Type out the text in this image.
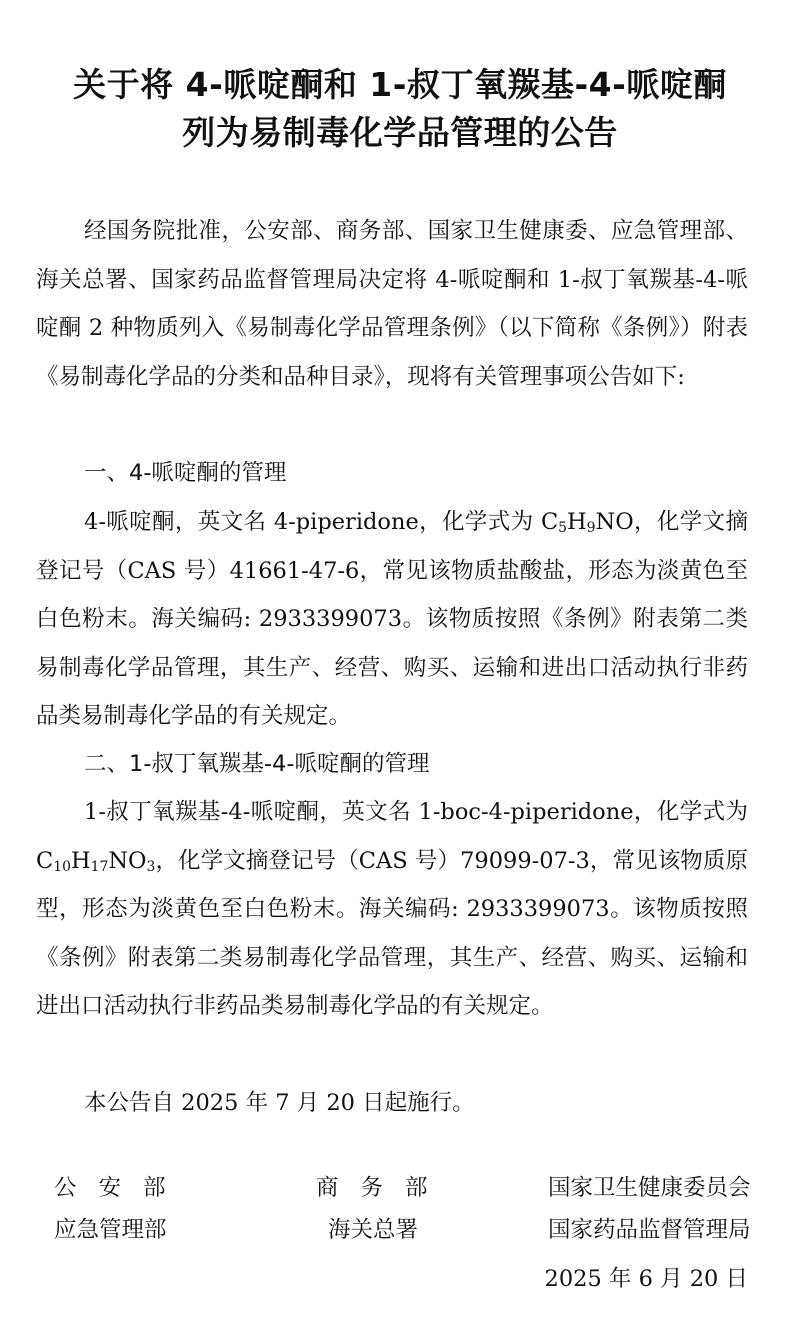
关于将 4-哌啶酮和 1-叔丁氧羰基-4-哌啶酮
列为易制毒化学品管理的公告
经国务院批准，公安部、商务部、国家卫生健康委、应急管理部、海关总署、国家药品监督管理局决定将 4-哌啶酮和 1-叔丁氧羰基-4-哌啶酮 2 种物质列入《易制毒化学品管理条例》（以下简称《条例》）附表《易制毒化学品的分类和品种目录》，现将有关管理事项公告如下:
一、4-哌啶酮的管理
4-哌啶酮，英文名 4-piperidone，化学式为 $C_5H_9NO$，化学文摘登记号（CAS 号）41661-47-6，常见该物质盐酸盐，形态为淡黄色至白色粉末。海关编码: 2933399073。该物质按照《条例》附表第二类易制毒化学品管理，其生产、经营、购买、运输和进出口活动执行非药品类易制毒化学品的有关规定。
二、1-叔丁氧羰基-4-哌啶酮的管理
1-叔丁氧羰基-4-哌啶酮，英文名 1-boc-4-piperidone，化学式为 $C_{10}H_{17}NO_3$，化学文摘登记号（CAS 号）79099-07-3，常见该物质原型，形态为淡黄色至白色粉末。海关编码: 2933399073。该物质按照《条例》附表第二类易制毒化学品管理，其生产、经营、购买、运输和进出口活动执行非药品类易制毒化学品的有关规定。
本公告自 2025 年 7 月 20 日起施行。
公安部	商务部	国家卫生健康委员会
应急管理部	海关总署	国家药品监督管理局
2025 年 6 月 20 日
